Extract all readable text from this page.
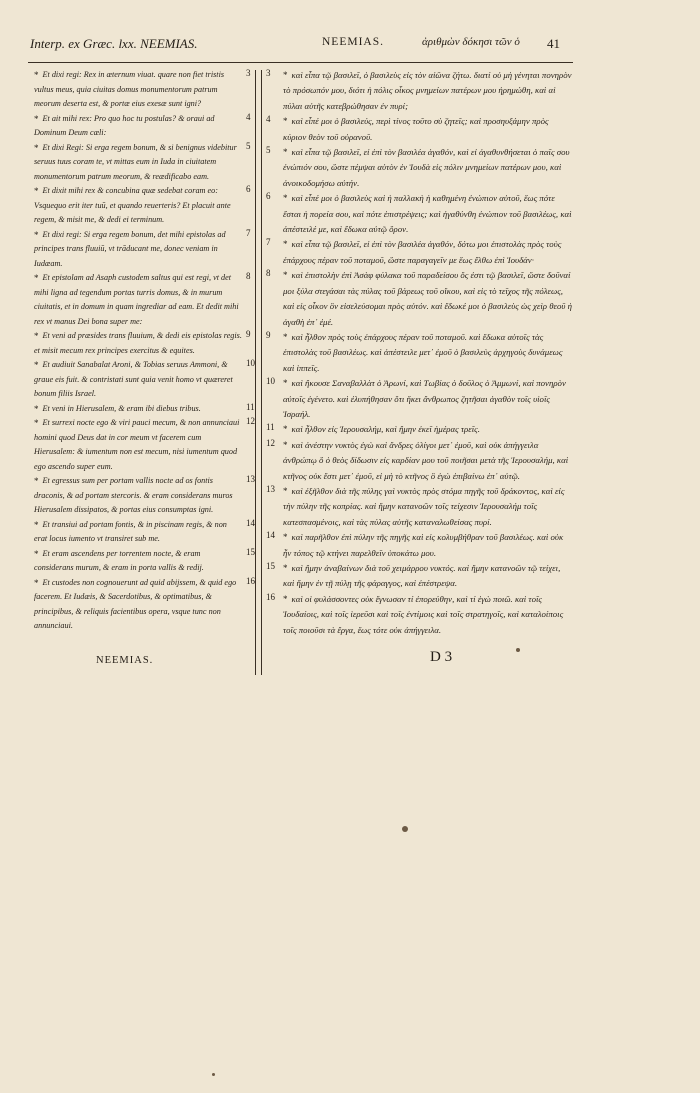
Interp. ex Græc. lxx. NEEMIAS.	NEEMIAS.	ἀριθμὼν δόκησι τῶν ὁ 41

* Et dixi regi: Rex in æternum viuat. quare non fiet tristis vultus meus, quia ciuitas domus monumentorum patrum meorum deserta est, & portæ eius exesæ sunt igni?

* Et ait mihi rex: Pro quo hoc tu postulas? & oraui ad Dominum Deum cæli:

* Et dixi Regi: Si erga regem bonum, & si benignus videbitur seruus tuus coram te, vt mittas eum in Iuda in ciuitatem monumentorum patrum meorum, & reædificabo eam.

* Et dixit mihi rex & concubina quæ sedebat coram eo: Vsquequo erit iter tuū, et quando reuerteris? Et placuit ante regem, & misit me, & dedi ei terminum.

* Et dixi regi: Si erga regem bonum, det mihi epistolas ad principes trans fluuiū, vt trāducant me, donec veniam in Iudæam.

* Et epistolam ad Asaph custodem saltus qui est regi, vt det mihi ligna ad tegendum portas turris domus, & in murum ciuitatis, et in domum in quam ingrediar ad eam. Et dedit mihi rex vt manus Dei bona super me:

* Et veni ad præsides trans fluuium, & dedi eis epistolas regis. et misit mecum rex principes exercitus & equites.

* Et audiuit Sanabalat Aroni, & Tobias seruus Ammoni, & graue eis fuit. & contristati sunt quia venit homo vt quæreret bonum filiis Israel.

* Et veni in Hierusalem, & eram ibi diebus tribus.

* Et surrexi nocte ego & viri pauci mecum, & non annunciaui homini quod Deus dat in cor meum vt facerem cum Hierusalem: & iumentum non est mecum, nisi iumentum quod ego ascendo super eum.

* Et egressus sum per portam vallis nocte ad os fontis draconis, & ad portam stercoris. & eram considerans muros Hierusalem dissipatos, & portas eius consumptas igni.

* Et transiui ad portam fontis, & in piscinam regis, & non erat locus iumento vt transiret sub me.

* Et eram ascendens per torrentem nocte, & eram considerans murum, & eram in porta vallis & redij.

* Et custodes non cognouerunt ad quid abijssem, & quid ego facerem. Et Iudæis, & Sacerdotibus, & optimatibus, & principibus, & reliquis facientibus opera, vsque tunc non annunciaui.

3
4
5
6
7
8
9
10
11
12
13
14
15
16
3
4
5
6
7
8
9
10
11
12
13
14
15
16

* καὶ εἶπα τῷ βασιλεῖ, ὁ βασιλεὺς εἰς τὸν αἰῶνα ζήτω. διατί οὐ μὴ γένηται πονηρὸν τὸ πρόσωπόν μου, διότι ἡ πόλις οἶκος μνημείων πατέρων μου ἠρημώθη, καὶ αἱ πύλαι αὐτῆς κατεβρώθησαν ἐν πυρί;

* καὶ εἶπέ μοι ὁ βασιλεύς, περὶ τίνος τοῦτο σὺ ζητεῖς; καὶ προσηυξάμην πρὸς κύριον θεὸν τοῦ οὐρανοῦ.

* καὶ εἶπα τῷ βασιλεῖ, εἰ ἐπὶ τὸν βασιλέα ἀγαθόν, καὶ εἰ ἀγαθυνθήσεται ὁ παῖς σου ἐνώπιόν σου, ὥστε πέμψαι αὐτὸν ἐν Ἰουδὰ εἰς πόλιν μνημείων πατέρων μου, καὶ ἀνοικοδομήσω αὐτήν.

* καὶ εἶπέ μοι ὁ βασιλεὺς καὶ ἡ παλλακὴ ἡ καθημένη ἐνώπιον αὐτοῦ, ἕως πότε ἔσται ἡ πορεία σου, καὶ πότε ἐπιστρέψεις; καὶ ἠγαθύνθη ἐνώπιον τοῦ βασιλέως, καὶ ἀπέστειλέ με, καὶ ἔδωκα αὐτῷ ὅρον.

* καὶ εἶπα τῷ βασιλεῖ, εἰ ἐπὶ τὸν βασιλέα ἀγαθόν, δότω μοι ἐπιστολὰς πρὸς τοὺς ἐπάρχους πέραν τοῦ ποταμοῦ, ὥστε παραγαγεῖν με ἕως ἔλθω ἐπὶ Ἰουδάν·

* καὶ ἐπιστολὴν ἐπὶ Ἀσὰφ φύλακα τοῦ παραδείσου ὅς ἐστι τῷ βασιλεῖ, ὥστε δοῦναί μοι ξύλα στεγάσαι τὰς πύλας τοῦ βάρεως τοῦ οἴκου, καὶ εἰς τὸ τεῖχος τῆς πόλεως, καὶ εἰς οἶκον ὃν εἰσελεύσομαι πρὸς αὐτόν. καὶ ἔδωκέ μοι ὁ βασιλεὺς ὡς χεὶρ θεοῦ ἡ ἀγαθὴ ἐπ᾽ ἐμέ.

* καὶ ἦλθον πρὸς τοὺς ἐπάρχους πέραν τοῦ ποταμοῦ. καὶ ἔδωκα αὐτοῖς τὰς ἐπιστολὰς τοῦ βασιλέως. καὶ ἀπέστειλε μετ᾽ ἐμοῦ ὁ βασιλεὺς ἀρχηγοὺς δυνάμεως καὶ ἱππεῖς.

* καὶ ἤκουσε Σαναβαλλὰτ ὁ Ἀρωνί, καὶ Τωβίας ὁ δοῦλος ὁ Ἀμμωνί, καὶ πονηρὸν αὐτοῖς ἐγένετο. καὶ ἐλυπήθησαν ὅτι ἥκει ἄνθρωπος ζητῆσαι ἀγαθὸν τοῖς υἱοῖς Ἰσραήλ.

* καὶ ἦλθον εἰς Ἱερουσαλήμ, καὶ ἤμην ἐκεῖ ἡμέρας τρεῖς.

* καὶ ἀνέστην νυκτὸς ἐγὼ καὶ ἄνδρες ὀλίγοι μετ᾽ ἐμοῦ, καὶ οὐκ ἀπήγγειλα ἀνθρώπῳ ὅ ὁ θεὸς δίδωσιν εἰς καρδίαν μου τοῦ ποιῆσαι μετὰ τῆς Ἱερουσαλήμ, καὶ κτῆνος οὐκ ἔστι μετ᾽ ἐμοῦ, εἰ μὴ τὸ κτῆνος ὃ ἐγὼ ἐπιβαίνω ἐπ᾽ αὐτῷ.

* καὶ ἐξῆλθον διὰ τῆς πύλης γαὶ νυκτὸς πρὸς στόμα πηγῆς τοῦ δράκοντος, καὶ εἰς τὴν πύλην τῆς κοπρίας. καὶ ἤμην κατανοῶν τοῖς τείχεσιν Ἱερουσαλήμ τοῖς κατεσπασμένοις, καὶ τὰς πύλας αὐτῆς καταναλωθείσας πυρί.

* καὶ παρῆλθον ἐπὶ πύλην τῆς πηγῆς καὶ εἰς κολυμβήθραν τοῦ βασιλέως. καὶ οὐκ ἦν τόπος τῷ κτήνει παρελθεῖν ὑποκάτω μου.

* καὶ ἤμην ἀναβαίνων διὰ τοῦ χειμάρρου νυκτός. καὶ ἤμην κατανοῶν τῷ τείχει, καὶ ἤμην ἐν τῇ πύλῃ τῆς φάραγγος, καὶ ἐπέστρεψα.

* καὶ οἱ φυλάσσοντες οὐκ ἔγνωσαν τί ἐπορεύθην, καὶ τί ἐγὼ ποιῶ. καὶ τοῖς Ἰουδαίοις, καὶ τοῖς ἱερεῦσι καὶ τοῖς ἐντίμοις καὶ τοῖς στρατηγοῖς, καὶ καταλοίποις τοῖς ποιοῦσι τὰ ἔργα, ἕως τότε οὐκ ἀπήγγειλα.

NEEMIAS.	D 3
